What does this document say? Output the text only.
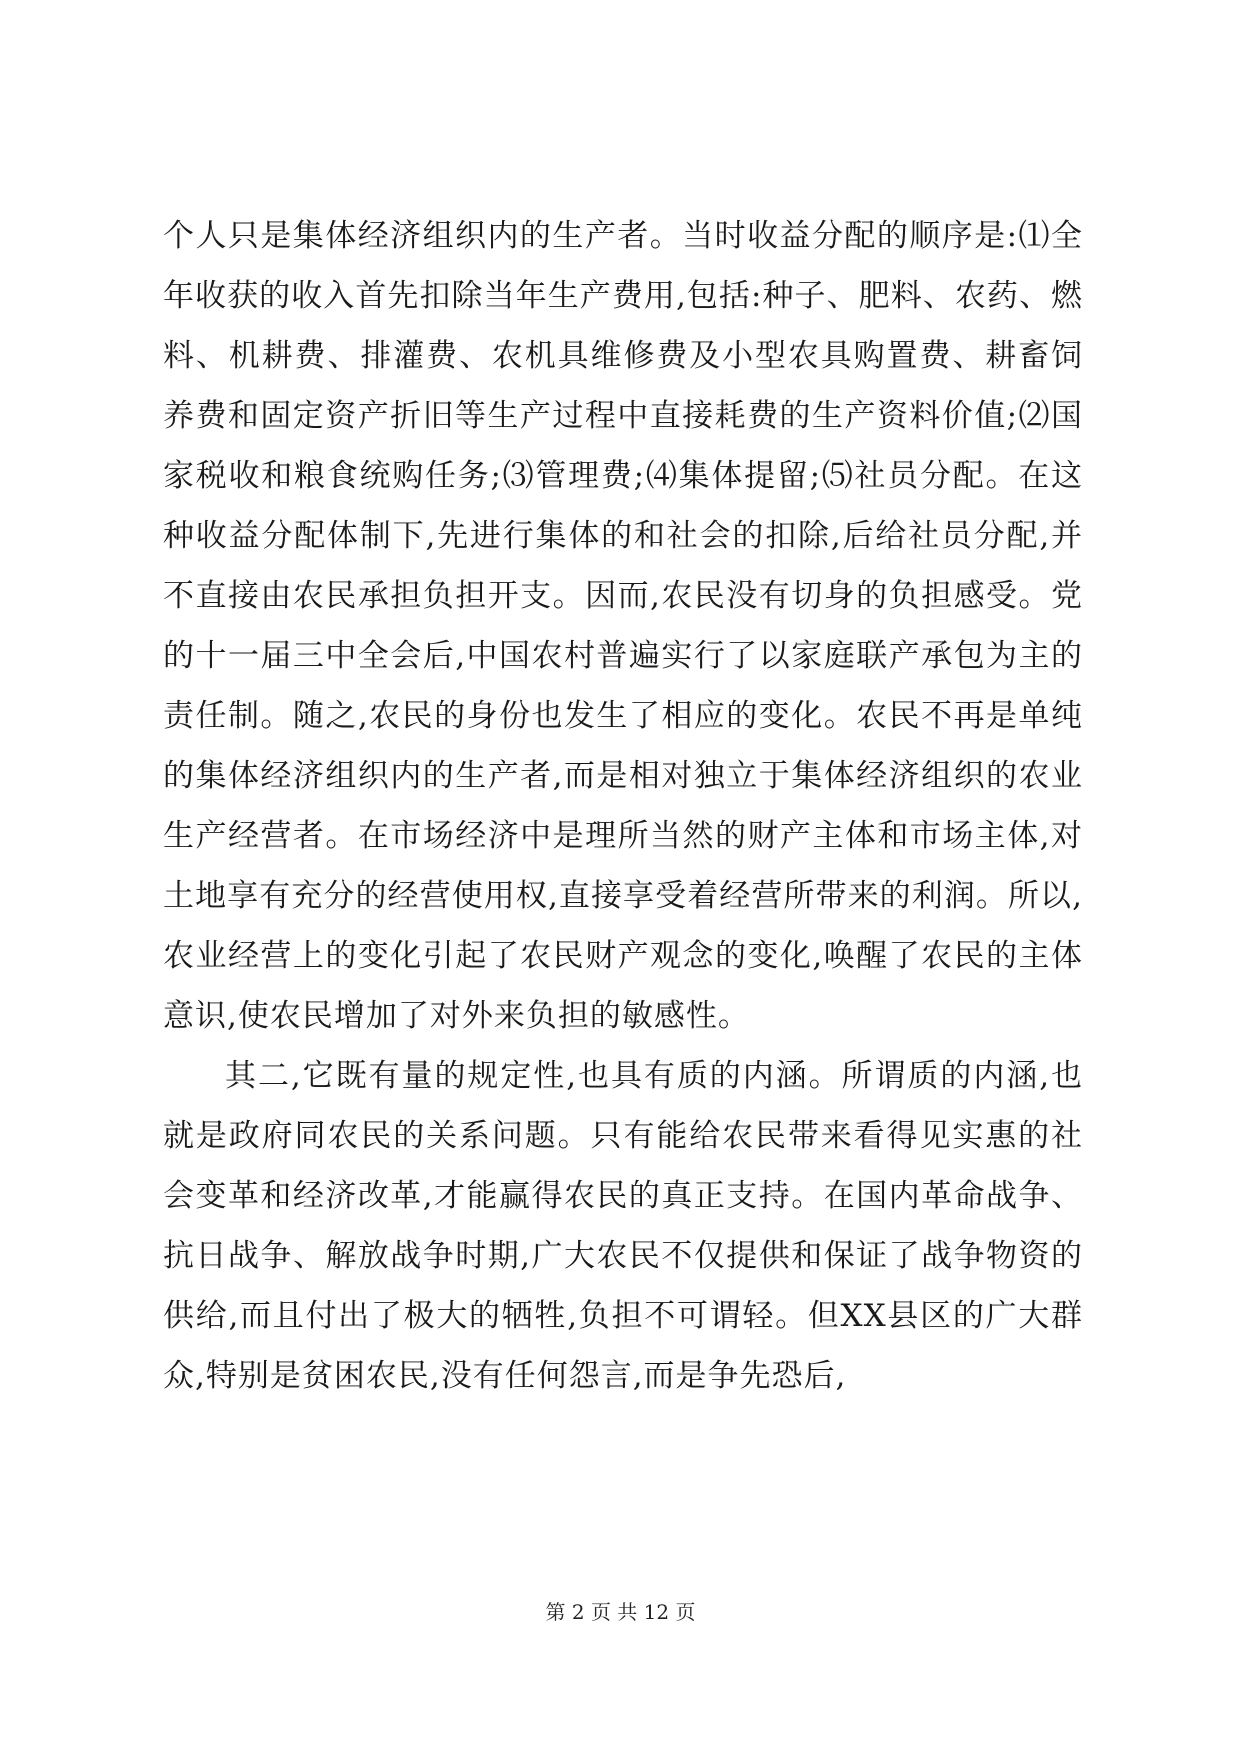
个人只是集体经济组织内的生产者。当时收益分配的顺序是:⑴全年收获的收入首先扣除当年生产费用,包括:种子、肥料、农药、燃料、机耕费、排灌费、农机具维修费及小型农具购置费、耕畜饲养费和固定资产折旧等生产过程中直接耗费的生产资料价值;⑵国家税收和粮食统购任务;⑶管理费;⑷集体提留;⑸社员分配。在这种收益分配体制下,先进行集体的和社会的扣除,后给社员分配,并不直接由农民承担负担开支。因而,农民没有切身的负担感受。党的十一届三中全会后,中国农村普遍实行了以家庭联产承包为主的责任制。随之,农民的身份也发生了相应的变化。农民不再是单纯的集体经济组织内的生产者,而是相对独立于集体经济组织的农业生产经营者。在市场经济中是理所当然的财产主体和市场主体,对土地享有充分的经营使用权,直接享受着经营所带来的利润。所以,农业经营上的变化引起了农民财产观念的变化,唤醒了农民的主体意识,使农民增加了对外来负担的敏感性。

其二,它既有量的规定性,也具有质的内涵。所谓质的内涵,也就是政府同农民的关系问题。只有能给农民带来看得见实惠的社会变革和经济改革,才能赢得农民的真正支持。在国内革命战争、抗日战争、解放战争时期,广大农民不仅提供和保证了战争物资的供给,而且付出了极大的牺牲,负担不可谓轻。但XX县区的广大群众,特别是贫困农民,没有任何怨言,而是争先恐后,

第 2 页 共 12 页
